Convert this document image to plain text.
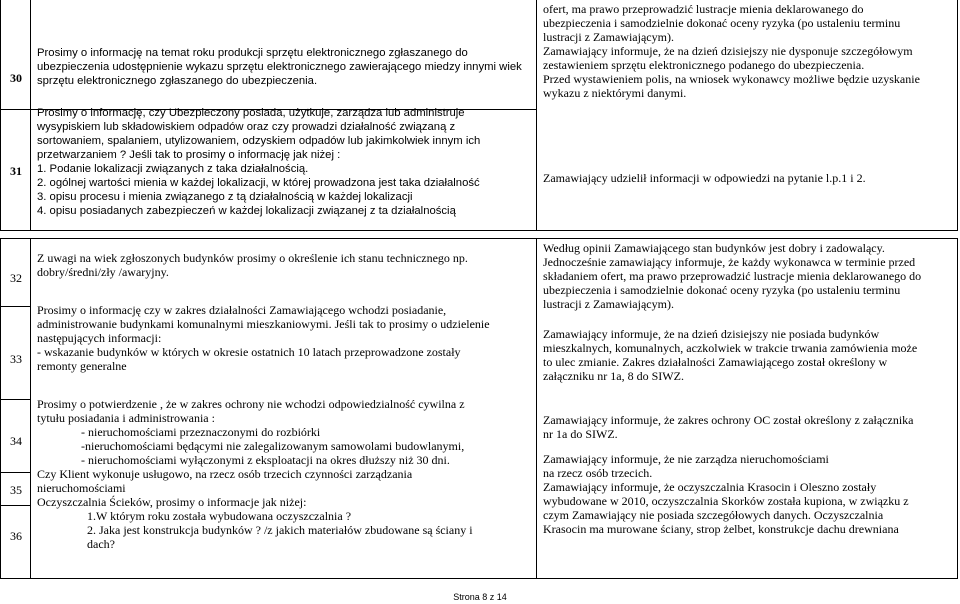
30
31

Prosimy o informację na temat roku produkcji sprzętu elektronicznego zgłaszanego do ubezpieczenia udostępnienie wykazu sprzętu elektronicznego zawierającego miedzy innymi wiek sprzętu elektronicznego zgłaszanego do ubezpieczenia.

Prosimy o informację, czy Ubezpieczony posiada, użytkuje, zarządza lub administruje

wysypiskiem lub składowiskiem odpadów oraz czy prowadzi działalność związaną z

sortowaniem, spalaniem, utylizowaniem, odzyskiem odpadów lub jakimkolwiek innym ich

przetwarzaniem ? Jeśli tak to prosimy o informację jak niżej :

1. Podanie lokalizacji związanych z taka działalnością.

2. ogólnej wartości mienia w każdej lokalizacji, w której prowadzona jest taka działalność

3. opisu procesu i mienia związanego z tą działalnością w każdej lokalizacji

4. opisu posiadanych zabezpieczeń w każdej lokalizacji związanej z ta działalnością

ofert, ma prawo przeprowadzić lustracje mienia deklarowanego do

ubezpieczenia i samodzielnie dokonać oceny ryzyka (po ustaleniu terminu

lustracji z Zamawiającym).

Zamawiający informuje, że na dzień dzisiejszy nie dysponuje szczegółowym

zestawieniem sprzętu elektronicznego podanego do ubezpieczenia.

Przed wystawieniem polis, na wniosek wykonawcy możliwe będzie uzyskanie

wykazu z niektórymi danymi.

Zamawiający udzielił informacji w odpowiedzi na pytanie l.p.1 i 2.

32
33
34
35
36

Z uwagi na wiek zgłoszonych budynków prosimy o określenie ich stanu technicznego np.

dobry/średni/zły /awaryjny.

Prosimy o informację czy w zakres działalności Zamawiającego wchodzi posiadanie,

administrowanie budynkami komunalnymi mieszkaniowymi. Jeśli tak to prosimy o udzielenie

następujących informacji:

- wskazanie budynków w których w okresie ostatnich 10 latach przeprowadzone zostały

remonty generalne

Prosimy o potwierdzenie , że w zakres ochrony nie wchodzi odpowiedzialność cywilna z

tytułu posiadania i administrowania :

- nieruchomościami przeznaczonymi do rozbiórki

-nieruchomościami będącymi nie zalegalizowanym samowolami budowlanymi,

- nieruchomościami wyłączonymi z eksploatacji na okres dłuższy niż 30 dni.

Czy Klient wykonuje usługowo, na rzecz osób trzecich czynności zarządzania

nieruchomościami

Oczyszczalnia Ścieków, prosimy o informacje jak niżej:

1.W którym roku została wybudowana oczyszczalnia ?

2. Jaka jest konstrukcja budynków ? /z jakich materiałów zbudowane są ściany i

dach?

Według opinii Zamawiającego stan budynków jest dobry i zadowalący.

Jednocześnie zamawiający informuje, że każdy wykonawca w terminie przed

składaniem ofert, ma prawo przeprowadzić lustracje mienia deklarowanego do

ubezpieczenia i samodzielnie dokonać oceny ryzyka (po ustaleniu terminu

lustracji z Zamawiającym).

Zamawiający informuje, że na dzień dzisiejszy nie posiada budynków

mieszkalnych, komunalnych, aczkolwiek w trakcie trwania zamówienia może

to ulec zmianie. Zakres działalności Zamawiającego został określony w

załączniku nr 1a, 8 do SIWZ.

Zamawiający informuje, że zakres ochrony OC został określony z załącznika

nr 1a do SIWZ.

Zamawiający informuje, że nie zarządza nieruchomościami

na rzecz osób trzecich.

Zamawiający informuje, że oczyszczalnia Krasocin i Oleszno zostały

wybudowane w 2010, oczyszczalnia Skorków została kupiona, w związku z

czym Zamawiający nie posiada szczegółowych danych. Oczyszczalnia

Krasocin ma murowane ściany, strop żelbet, konstrukcje dachu drewniana

Strona 8 z 14
